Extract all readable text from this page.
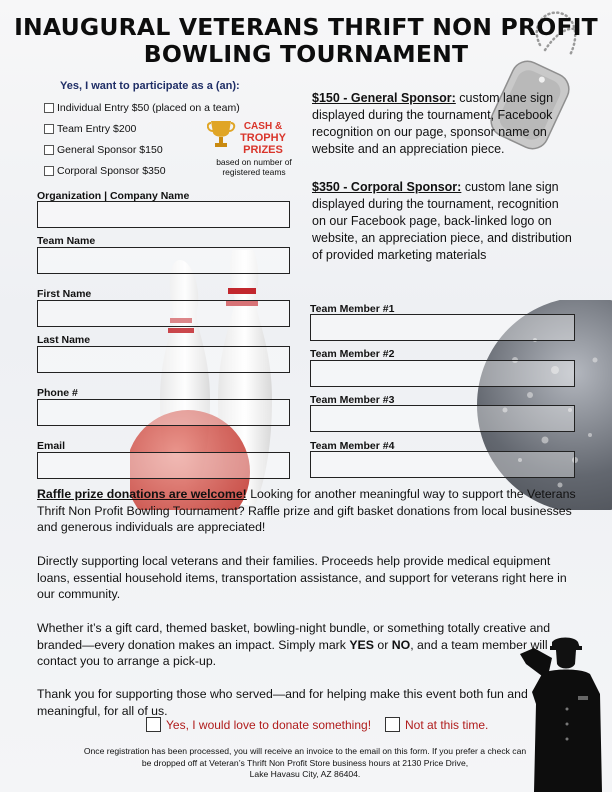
INAUGURAL VETERANS THRIFT NON PROFIT
BOWLING TOURNAMENT
Yes, I want to participate as a (an):
Individual Entry $50 (placed on a team)
Team Entry $200
General Sponsor $150
Corporal Sponsor $350
CASH &
TROPHY
PRIZES
based on number of
registered teams
$150 - General Sponsor: custom lane sign displayed during the tournament, Facebook recognition on our page, sponsor name on website and an appreciation piece.
$350 - Corporal Sponsor: custom lane sign displayed during the tournament, recognition on our Facebook page, back-linked logo on website, an appreciation piece, and distribution of provided marketing materials
Organization | Company Name
Team Name
First Name
Last Name
Phone #
Email
Team Member #1
Team Member #2
Team Member #3
Team Member #4
Raffle prize donations are welcome! Looking for another meaningful way to support the Veterans Thrift Non Profit Bowling Tournament? Raffle prize and gift basket donations from local businesses and generous individuals are appreciated!
Directly supporting local veterans and their families. Proceeds help provide medical equipment loans, essential household items, transportation assistance, and support for veterans right here in our community.
Whether it’s a gift card, themed basket, bowling-night bundle, or something totally creative and branded—every donation makes an impact. Simply mark YES or NO, and a team member will contact you to arrange a pick-up.
Thank you for supporting those who served—and for helping make this event both fun and meaningful, for all of us.
Yes, I would love to donate something!	Not at this time.
Once registration has been processed, you will receive an invoice to the email on this form. If you prefer a check can
be dropped off at Veteran’s Thrift Non Profit Store business hours at 2130 Price Drive,
Lake Havasu City, AZ 86404.
